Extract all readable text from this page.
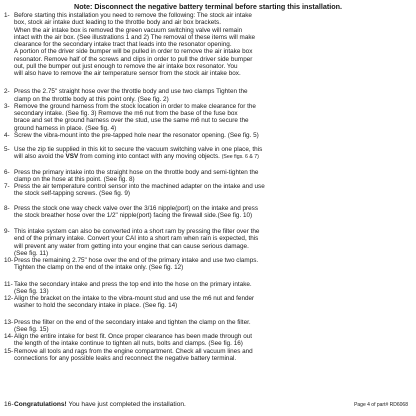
Note: Disconnect the negative battery terminal before starting this installation.
1- Before starting this installation you need to remove the following: The stock air intake
box, stock air intake duct leading to the throttle body and air box brackets.
When the air intake box is removed the green vacuum switching valve will remain
intact with the air box. (See illustrations 1 and 2) The removal of these items will make
clearance for the secondary intake tract that leads into the resonator opening.
A portion of the driver side bumper will be pulled in order to remove the air intake box
resonator. Remove half of the screws and clips in order to pull the driver side bumper
out, pull the bumper out just enough to remove the air intake box resonator. You
will also have to remove the air temperature sensor from the stock air intake box.
2- Press the 2.75" straight hose over the throttle body and use two clamps Tighten the
clamp on the throttle body at this point only. (See fig. 2)
3- Remove the ground harness from the stock location in order to make clearance for the
secondary intake. (See fig. 3) Remove the m6 nut from the base of the fuse box
brace and set the ground harness over the stud, use the same m6 nut to secure the
ground harness in place. (See fig. 4)
4- Screw the vibra-mount into the pre-tapped hole near the resonator opening. (See fig. 5)
5- Use the zip tie supplied in this kit to secure the vacuum switching valve in one place, this
will also avoid the VSV from coming into contact with any moving objects. (See figs. 6 & 7)
6- Press the primary intake into the straight hose on the throttle body and semi-tighten the
clamp on the hose at this point. (See fig. 8)
7- Press the air temperature control sensor into the machined adapter on the intake and use
the stock self-tapping screws. (See fig. 9)
8- Press the stock one way check valve over the 3/16 nipple(port) on the intake and press
the stock breather hose over the 1/2" nipple(port) facing the firewall side.(See fig. 10)
9- This intake system can also be converted into a short ram by pressing the filter over the
end of the primary intake. Convert your CAI into a short ram when rain is expected, this
will prevent any water from getting into your engine that can cause serious damage.
(See fig. 11)
10- Press the remaining 2.75" hose over the end of the primary intake and use two clamps.
Tighten the clamp on the end of the intake only. (See fig. 12)
11- Take the secondary intake and press the top end into the hose on the primary intake.
(See fig. 13)
12- Align the bracket on the intake to the vibra-mount stud and use the m6 nut and fender
washer to hold the secondary intake in place. (See fig. 14)
13- Press the filter on the end of the secondary intake and tighten the clamp on the filter.
(See fig. 15)
14- Align the entire intake for best fit. Once proper clearance has been made through out
the length of the intake continue to tighten all nuts, bolts and clamps. (See fig. 16)
15- Remove all tools and rags from the engine compartment. Check all vacuum lines and
connections for any possible leaks and reconnect the negative battery terminal.
16- Congratulations! You have just completed the installation.	Page 4 of part# RD6068
